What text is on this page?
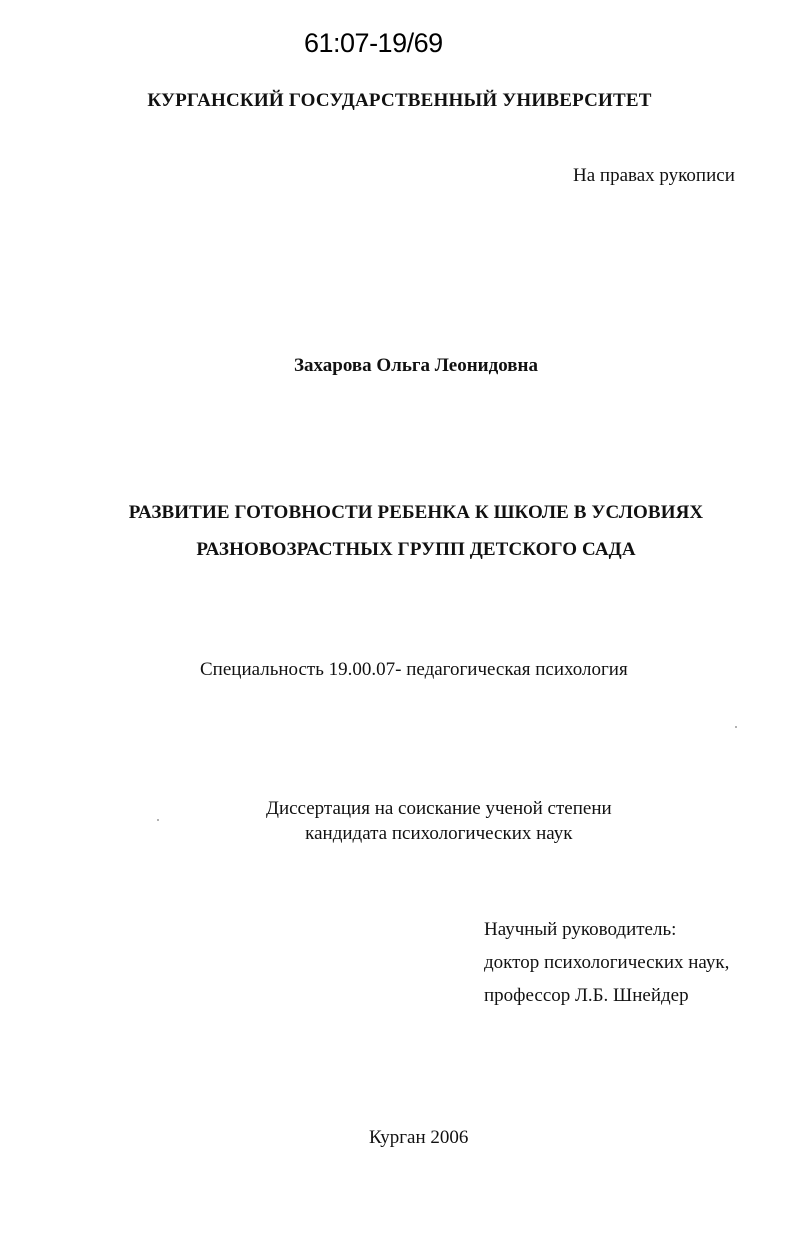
61:07-19/69
КУРГАНСКИЙ ГОСУДАРСТВЕННЫЙ УНИВЕРСИТЕТ
На правах рукописи
Захарова Ольга Леонидовна
РАЗВИТИЕ ГОТОВНОСТИ РЕБЕНКА К ШКОЛЕ В УСЛОВИЯХ
РАЗНОВОЗРАСТНЫХ ГРУПП ДЕТСКОГО САДА
Специальность 19.00.07- педагогическая психология
Диссертация на соискание ученой степени
кандидата психологических наук
Научный руководитель:
доктор психологических наук,
профессор Л.Б. Шнейдер
Курган 2006
